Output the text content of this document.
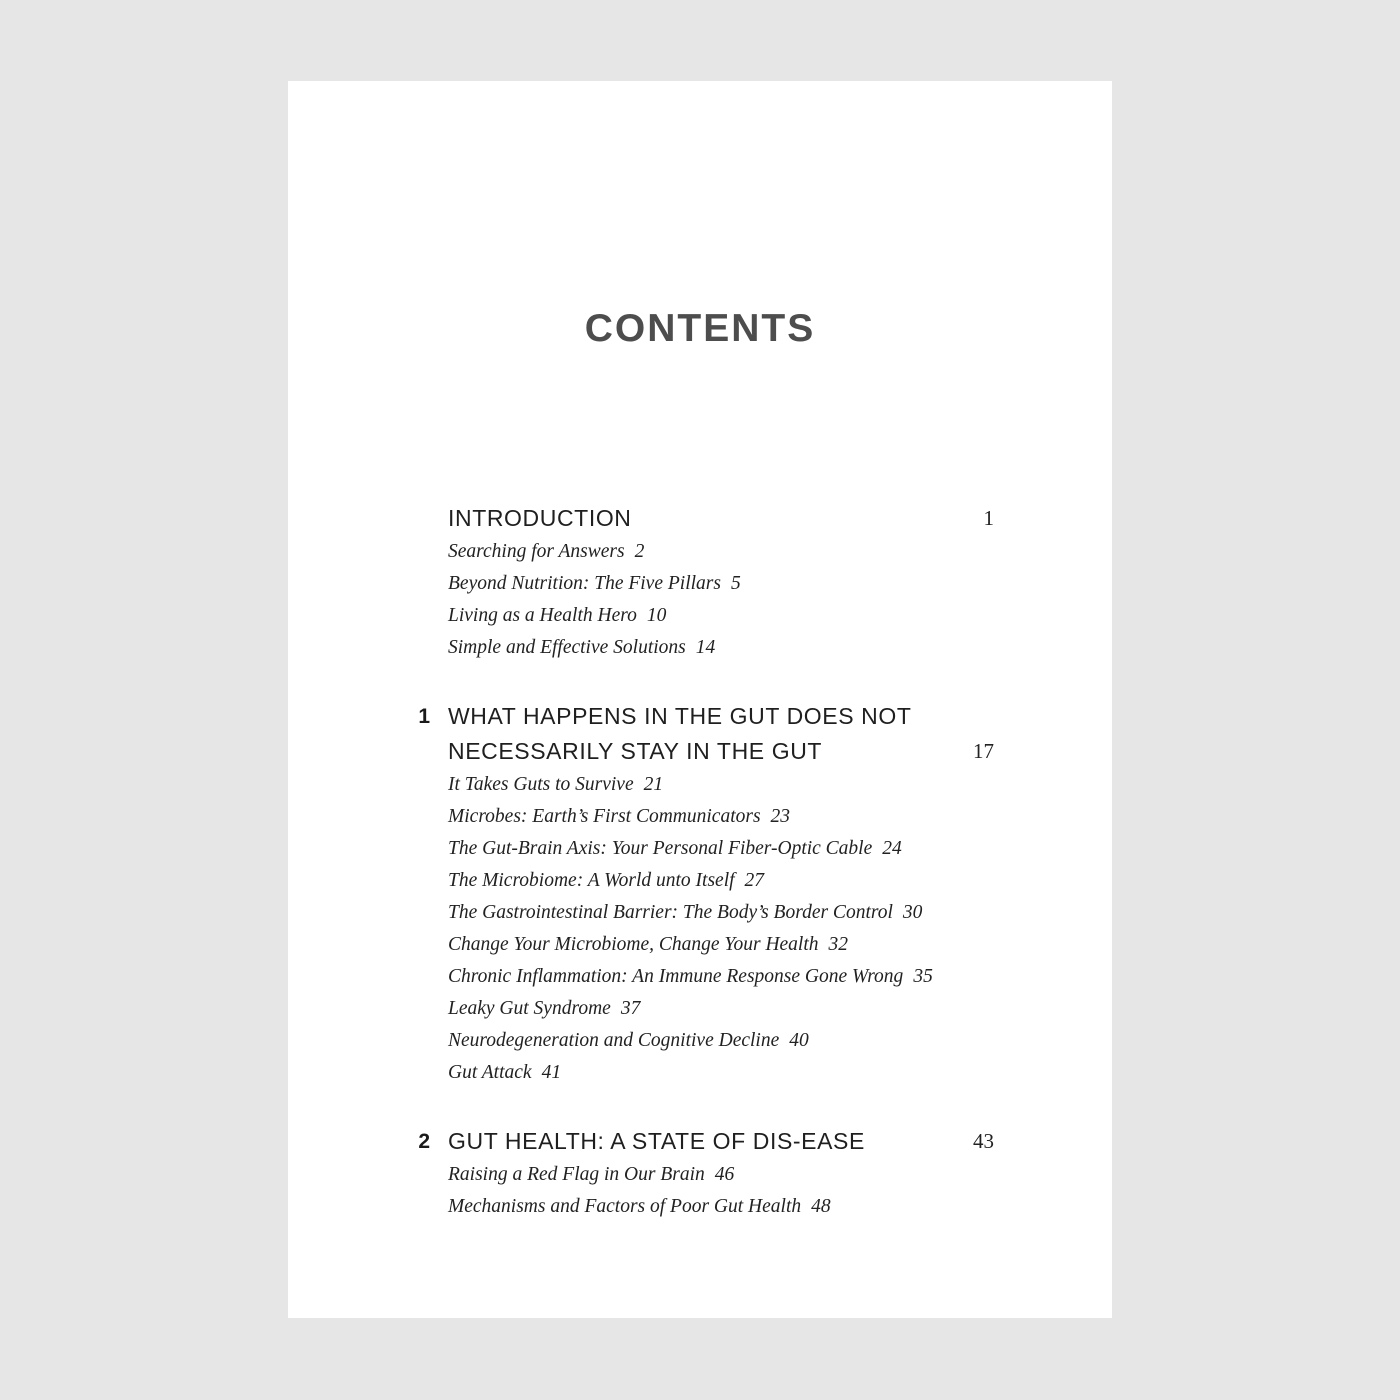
CONTENTS
INTRODUCTION	1
Searching for Answers 2
Beyond Nutrition: The Five Pillars 5
Living as a Health Hero 10
Simple and Effective Solutions 14
1 WHAT HAPPENS IN THE GUT DOES NOT
NECESSARILY STAY IN THE GUT	17
It Takes Guts to Survive 21
Microbes: Earth’s First Communicators 23
The Gut-Brain Axis: Your Personal Fiber-Optic Cable 24
The Microbiome: A World unto Itself 27
The Gastrointestinal Barrier: The Body’s Border Control 30
Change Your Microbiome, Change Your Health 32
Chronic Inflammation: An Immune Response Gone Wrong 35
Leaky Gut Syndrome 37
Neurodegeneration and Cognitive Decline 40
Gut Attack 41
2 GUT HEALTH: A STATE OF DIS-EASE	43
Raising a Red Flag in Our Brain 46
Mechanisms and Factors of Poor Gut Health 48
